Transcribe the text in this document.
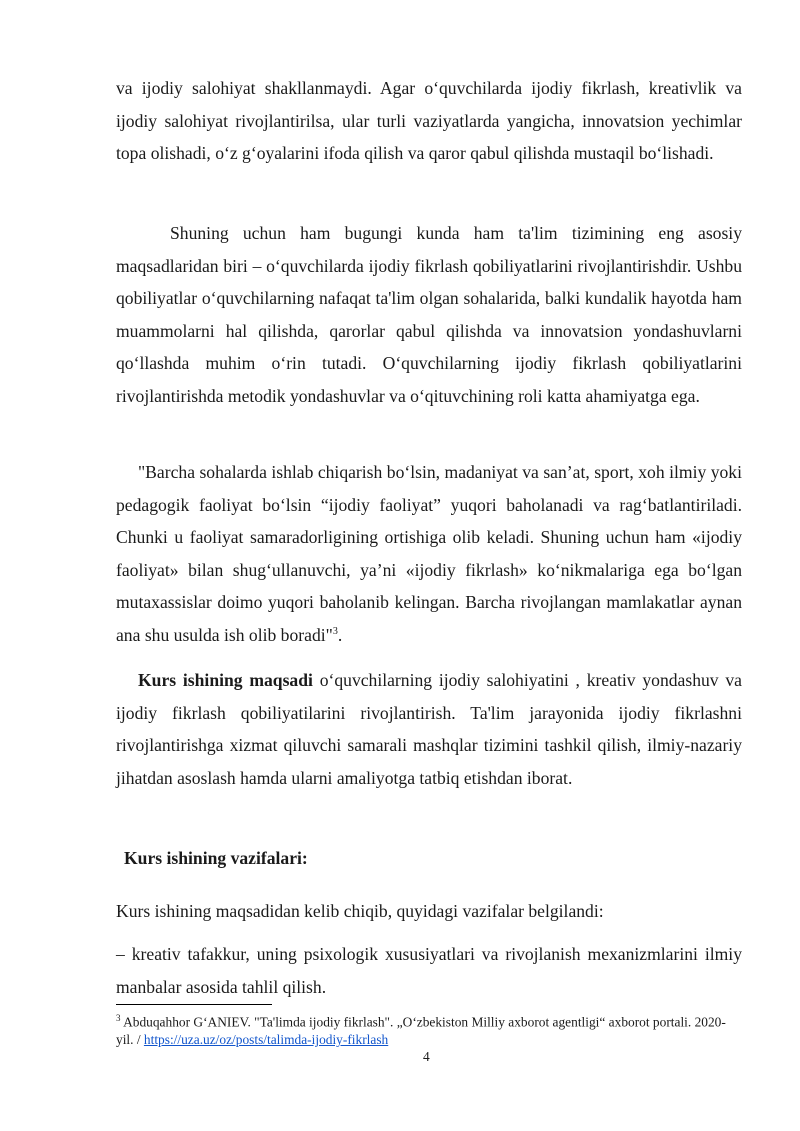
va ijodiy salohiyat shakllanmaydi. Agar o‘quvchilarda ijodiy fikrlash, kreativlik va ijodiy salohiyat rivojlantirilsa, ular turli vaziyatlarda yangicha, innovatsion yechimlar topa olishadi, o‘z g‘oyalarini ifoda qilish va qaror qabul qilishda mustaqil bo‘lishadi.

Shuning uchun ham bugungi kunda ham ta'lim tizimining eng asosiy maqsadlaridan biri – o‘quvchilarda ijodiy fikrlash qobiliyatlarini rivojlantirishdir. Ushbu qobiliyatlar o‘quvchilarning nafaqat ta'lim olgan sohalarida, balki kundalik hayotda ham muammolarni hal qilishda, qarorlar qabul qilishda va innovatsion yondashuvlarni qo‘llashda muhim o‘rin tutadi. O‘quvchilarning ijodiy fikrlash qobiliyatlarini rivojlantirishda metodik yondashuvlar va o‘qituvchining roli katta ahamiyatga ega.

"Barcha sohalarda ishlab chiqarish bo‘lsin, madaniyat va san’at, sport, xoh ilmiy yoki pedagogik faoliyat bo‘lsin “ijodiy faoliyat” yuqori baholanadi va rag‘batlantiriladi. Chunki u faoliyat samaradorligining ortishiga olib keladi. Shuning uchun ham «ijodiy faoliyat» bilan shug‘ullanuvchi, ya’ni «ijodiy fikrlash» ko‘nikmalariga ega bo‘lgan mutaxassislar doimo yuqori baholanib kelingan. Barcha rivojlangan mamlakatlar aynan ana shu usulda ish olib boradi"$^3$.

Kurs ishining maqsadi o‘quvchilarning ijodiy salohiyatini , kreativ yondashuv va ijodiy fikrlash qobiliyatilarini rivojlantirish. Ta'lim jarayonida ijodiy fikrlashni rivojlantirishga xizmat qiluvchi samarali mashqlar tizimini tashkil qilish, ilmiy-nazariy jihatdan asoslash hamda ularni amaliyotga tatbiq etishdan iborat.

Kurs ishining vazifalari:

Kurs ishining maqsadidan kelib chiqib, quyidagi vazifalar belgilandi:

– kreativ tafakkur, uning psixologik xususiyatlari va rivojlanish mexanizmlarini ilmiy manbalar asosida tahlil qilish.

$^3$ Abduqahhor G‘ANIEV. "Ta'limda ijodiy fikrlash". „O‘zbekiston Milliy axborot agentligi“ axborot portali. 2020-yil. / https://uza.uz/oz/posts/talimda-ijodiy-fikrlash

4
